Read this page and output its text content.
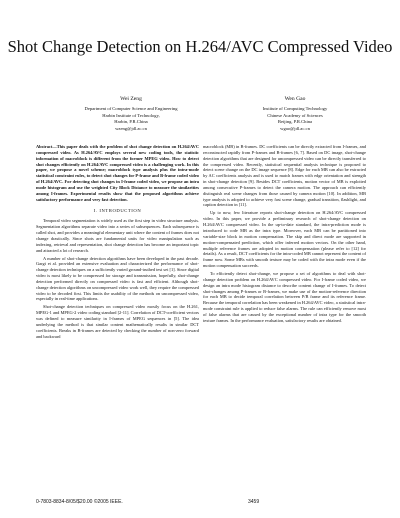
Shot Change Detection on H.264/AVC Compressed Video
Wei Zeng
Department of Computer Science and Engineering
Harbin Institute of Technology,
Harbin, P.R.China
wzeng@jdl.ac.cn
Wen Gao
Institute of Computing Technology
Chinese Academy of Sciences
Beijing, P.R.China
wgao@jdl.ac.cn

Abstract—This paper deals with the problem of shot change detection on H.264/AVC compressed video. As H.264/AVC employs several new coding tools, the statistic information of macroblock is different from the former MPEG video. How to detect shot changes efficiently on H.264/AVC compressed video is a challenging work. In this paper, we propose a novel scheme; macroblock type analysis plus the intra-mode statistical constraint rules, to detect shot changes for P-frame and B-frame coded video of H.264/AVC. For detecting shot changes in I-frame coded video, we propose an intra mode histogram and use the weighted City Block Distance to measure the similarities among I-frames. Experimental results show that the proposed algorithms achieve satisfactory performance and very fast detection.

I. INTRODUCTION

Temporal video segmentation is widely used as the first step in video structure analysis. Segmentation algorithms separate video into a series of subsequences. Each subsequence is called shot, and provides a meaningful elementary unit where the content of frames does not change drastically. Since shots are fundamental units for video manipulation such as indexing, retrieval and representation, shot change detection has become an important topic and attracted a lot of research.

A number of shot-change detection algorithms have been developed in the past decade. Gargi et al. provided an extensive evaluation and characterized the performance of shot-change detection techniques on a sufficiently varied ground-truthed test set [1]. Since digital video is most likely to be compressed for storage and transmission, hopefully, shot-change detection performed directly on compressed video is fast and efficient. Although shot-change detection algorithms on uncompressed video work well, they require the compressed video to be decoded first. This limits the usability of the methods on uncompressed video, especially in real-time applications.

Shot-change detection techniques on compressed video mostly focus on the H.261, MPEG-1 and MPEG-2 video coding standard [2-11]. Correlation of DCT-coefficient vectors was defined to measure similarity in I-frames of MPEG sequences in [5]. The idea underlying the method is that similar content mathematically results in similar DCT coefficients. Breaks in B-frames are detected by checking the number of non-zero forward and backward

macroblock (MB) in B-frames. DC coefficients can be directly extracted from I-frames, and reconstructed rapidly from P-frames and B-frames [6, 7]. Based on DC image, shot-change detection algorithms that are designed for uncompressed video can be directly transferred to the compressed video. Recently, statistical sequential analysis technique is proposed to detect scene change on the DC image sequence [8]. Edge for each MB can also be extracted by AC coefficients analysis and is used to match frames with edge orientation and strength in shot-change detection [9]. Besides DCT coefficients, motion vector of MB is exploited among consecutive P-frames to detect the camera motion. The approach can efficiently distinguish real scene changes from those caused by camera motion [10]. In addition, MB type analysis is adopted to achieve very fast scene change, gradual transition, flashlight, and caption detection in [11].

Up to now, few literature reports shot-change detection on H.264/AVC compressed video. In this paper, we provide a preliminary research of shot-change detection on H.264/AVC compressed video. In the up-to-date standard, the intra-prediction mode is introduced to code MB as the intra type. Moreover, each MB can be partitioned into variable-size block in motion compensation. The skip and direct mode are supported in motion-compensated prediction, which offer inferred motion vectors. On the other hand, multiple reference frames are adopted in motion compensation (please refer to [12] for details). As a result, DCT coefficients for the intra-coded MB cannot represent the content of frame now. Some MBs with smooth texture may be coded with the intra mode even if the motion compensation succeeds.

To efficiently detect shot-change, we propose a set of algorithms to deal with shot-change detection problem on H.264/AVC compressed video. For I-frame coded video, we design an intra mode histogram distance to describe content change of I-frames. To detect shot-changes among P-frames or B-frames, we make use of the motion-reference direction for each MB to decide temporal correlation between P/B frame and its reference frame. Because the temporal correlation has been weakened in H.264/AVC video, a statistical intra-mode constraint rule is applied to reduce false alarms. The rule can efficiently remove most of false alarms that are caused by the exceptional number of intra type for the smooth texture frames. In the performance evaluation, satisfactory results are obtained.

0-7803-8834-8/05/$20.00 ©2005 IEEE.	3459
